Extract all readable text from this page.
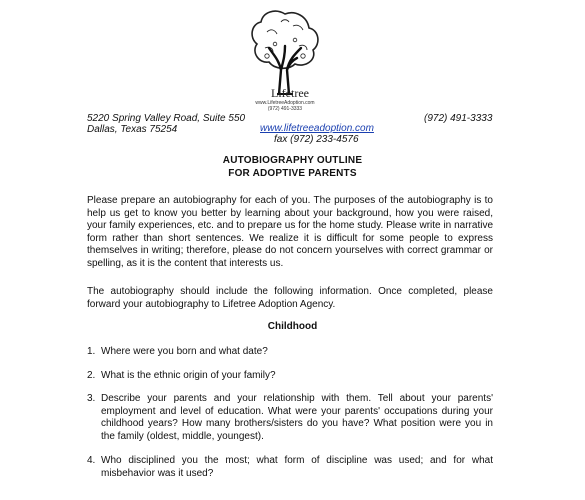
Lifetree
www.LifetreeAdoption.com
(972) 491-3333
5220 Spring Valley Road, Suite 550
Dallas, Texas 75254	www.lifetreeadoption.com
fax (972) 233-4576
(972) 491-3333
AUTOBIOGRAPHY OUTLINE
FOR ADOPTIVE PARENTS

Please prepare an autobiography for each of you. The purposes of the autobiography is to help us get to know you better by learning about your background, how you were raised, your family experiences, etc. and to prepare us for the home study. Please write in narrative form rather than short sentences. We realize it is difficult for some people to express themselves in writing; therefore, please do not concern yourselves with correct grammar or spelling, as it is the content that interests us.

The autobiography should include the following information. Once completed, please forward your autobiography to Lifetree Adoption Agency.

Childhood
1. Where were you born and what date?
2. What is the ethnic origin of your family?
3. Describe your parents and your relationship with them. Tell about your parents' employment and level of education. What were your parents' occupations during your childhood years? How many brothers/sisters do you have? What position were you in the family (oldest, middle, youngest).
4. Who disciplined you the most; what form of discipline was used; and for what misbehavior was it used?
